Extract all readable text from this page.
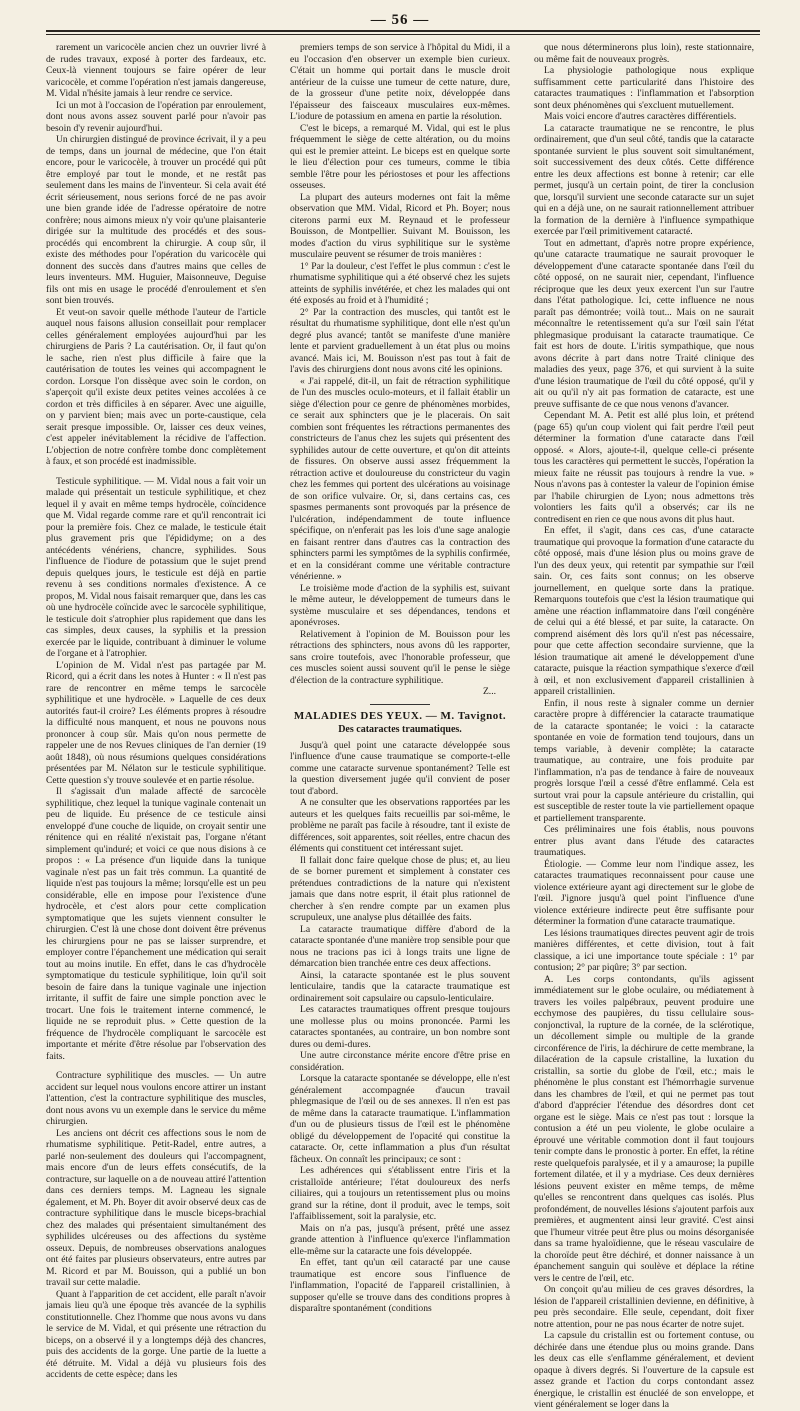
— 56 —

rarement un varicocèle ancien chez un ouvrier livré à de rudes travaux, exposé à porter des fardeaux, etc. Ceux-là viennent toujours se faire opérer de leur varicocèle, et comme l'opération n'est jamais dangereuse, M. Vidal n'hésite jamais à leur rendre ce service.

Ici un mot à l'occasion de l'opération par enroulement, dont nous avons assez souvent parlé pour n'avoir pas besoin d'y revenir aujourd'hui.

Un chirurgien distingué de province écrivait, il y a peu de temps, dans un journal de médecine, que l'on était encore, pour le varicocèle, à trouver un procédé qui pût être employé par tout le monde, et ne restât pas seulement dans les mains de l'inventeur. Si cela avait été écrit sérieusement, nous serions forcé de ne pas avoir une bien grande idée de l'adresse opératoire de notre confrère; nous aimons mieux n'y voir qu'une plaisanterie dirigée sur la multitude des procédés et des sous-procédés qui encombrent la chirurgie. A coup sûr, il existe des méthodes pour l'opération du varicocèle qui donnent des succès dans d'autres mains que celles de leurs inventeurs. MM. Huguier, Maisonneuve, Deguise fils ont mis en usage le procédé d'enroulement et s'en sont bien trouvés.

Et veut-on savoir quelle méthode l'auteur de l'article auquel nous faisons allusion conseillait pour remplacer celles généralement employées aujourd'hui par les chirurgiens de Paris ? La cautérisation. Or, il faut qu'on le sache, rien n'est plus difficile à faire que la cautérisation de toutes les veines qui accompagnent le cordon. Lorsque l'on dissèque avec soin le cordon, on s'aperçoit qu'il existe deux petites veines accolées à ce cordon et très difficiles à en séparer. Avec une aiguille, on y parvient bien; mais avec un porte-caustique, cela serait presque impossible. Or, laisser ces deux veines, c'est appeler inévitablement la récidive de l'affection. L'objection de notre confrère tombe donc complètement à faux, et son procédé est inadmissible.

Testicule syphilitique. — M. Vidal nous a fait voir un malade qui présentait un testicule syphilitique, et chez lequel il y avait en même temps hydrocèle, coïncidence que M. Vidal regarde comme rare et qu'il rencontrait ici pour la première fois. Chez ce malade, le testicule était plus gravement pris que l'épididyme; on a des antécédents vénériens, chancre, syphilides. Sous l'influence de l'iodure de potassium que le sujet prend depuis quelques jours, le testicule est déjà en partie revenu à ses conditions normales d'existence. A ce propos, M. Vidal nous faisait remarquer que, dans les cas où une hydrocèle coïncide avec le sarcocèle syphilitique, le testicule doit s'atrophier plus rapidement que dans les cas simples, deux causes, la syphilis et la pression exercée par le liquide, contribuant à diminuer le volume de l'organe et à l'atrophier.

L'opinion de M. Vidal n'est pas partagée par M. Ricord, qui a écrit dans les notes à Hunter : « Il n'est pas rare de rencontrer en même temps le sarcocèle syphilitique et une hydrocèle. » Laquelle de ces deux autorités faut-il croire? Les éléments propres à résoudre la difficulté nous manquent, et nous ne pouvons nous prononcer à coup sûr. Mais qu'on nous permette de rappeler une de nos Revues cliniques de l'an dernier (19 août 1848), où nous résumions quelques considérations présentées par M. Nélaton sur le testicule syphilitique. Cette question s'y trouve soulevée et en partie résolue.

Il s'agissait d'un malade affecté de sarcocèle syphilitique, chez lequel la tunique vaginale contenait un peu de liquide. Eu présence de ce testicule ainsi enveloppé d'une couche de liquide, on croyait sentir une rénitence qui en réalité n'existait pas, l'organe n'étant simplement qu'induré; et voici ce que nous disions à ce propos : « La présence d'un liquide dans la tunique vaginale n'est pas un fait très commun. La quantité de liquide n'est pas toujours la même; lorsqu'elle est un peu considérable, elle en impose pour l'existence d'une hydrocèle, et c'est alors pour cette complication symptomatique que les sujets viennent consulter le chirurgien. C'est là une chose dont doivent être prévenus les chirurgiens pour ne pas se laisser surprendre, et employer contre l'épanchement une médication qui serait tout au moins inutile. En effet, dans le cas d'hydrocèle symptomatique du testicule syphilitique, loin qu'il soit besoin de faire dans la tunique vaginale une injection irritante, il suffit de faire une simple ponction avec le trocart. Une fois le traitement interne commencé, le liquide ne se reproduit plus. » Cette question de la fréquence de l'hydrocèle compliquant le sarcocèle est importante et mérite d'être résolue par l'observation des faits.

Contracture syphilitique des muscles. — Un autre accident sur lequel nous voulons encore attirer un instant l'attention, c'est la contracture syphilitique des muscles, dont nous avons vu un exemple dans le service du même chirurgien.

Les anciens ont décrit ces affections sous le nom de rhumatisme syphilitique. Petit-Radel, entre autres, a parlé non-seulement des douleurs qui l'accompagnent, mais encore d'un de leurs effets consécutifs, de la contracture, sur laquelle on a de nouveau attiré l'attention dans ces derniers temps. M. Lagneau les signale également, et M. Ph. Boyer dit avoir observé deux cas de contracture syphilitique dans le muscle biceps-brachial chez des malades qui présentaient simultanément des syphilides ulcéreuses ou des affections du système osseux. Depuis, de nombreuses observations analogues ont été faites par plusieurs observateurs, entre autres par M. Ricord et par M. Bouisson, qui a publié un bon travail sur cette maladie.

Quant à l'apparition de cet accident, elle paraît n'avoir jamais lieu qu'à une époque très avancée de la syphilis constitutionnelle. Chez l'homme que nous avons vu dans le service de M. Vidal, et qui présente une rétraction du biceps, on a observé il y a longtemps déjà des chancres, puis des accidents de la gorge. Une partie de la luette a été détruite. M. Vidal a déjà vu plusieurs fois des accidents de cette espèce; dans les

premiers temps de son service à l'hôpital du Midi, il a eu l'occasion d'en observer un exemple bien curieux. C'était un homme qui portait dans le muscle droit antérieur de la cuisse une tumeur de cette nature, dure, de la grosseur d'une petite noix, développée dans l'épaisseur des faisceaux musculaires eux-mêmes. L'iodure de potassium en amena en partie la résolution.

C'est le biceps, a remarqué M. Vidal, qui est le plus fréquemment le siège de cette altération, ou du moins qui est le premier atteint. Le biceps est en quelque sorte le lieu d'élection pour ces tumeurs, comme le tibia semble l'être pour les périostoses et pour les affections osseuses.

La plupart des auteurs modernes ont fait la même observation que MM. Vidal, Ricord et Ph. Boyer; nous citerons parmi eux M. Reynaud et le professeur Bouisson, de Montpellier. Suivant M. Bouisson, les modes d'action du virus syphilitique sur le système musculaire peuvent se résumer de trois manières :

1° Par la douleur, c'est l'effet le plus commun : c'est le rhumatisme syphilitique qui a été observé chez les sujets atteints de syphilis invétérée, et chez les malades qui ont été exposés au froid et à l'humidité ;

2° Par la contraction des muscles, qui tantôt est le résultat du rhumatisme syphilitique, dont elle n'est qu'un degré plus avancé; tantôt se manifeste d'une manière lente et parvient graduellement à un état plus ou moins avancé. Mais ici, M. Bouisson n'est pas tout à fait de l'avis des chirurgiens dont nous avons cité les opinions.

« J'ai rappelé, dit-il, un fait de rétraction syphilitique de l'un des muscles oculo-moteurs, et il fallait établir un siège d'élection pour ce genre de phénomènes morbides, ce serait aux sphincters que je le placerais. On sait combien sont fréquentes les rétractions permanentes des constricteurs de l'anus chez les sujets qui présentent des syphilides autour de cette ouverture, et qu'on dit atteints de fissures. On observe aussi assez fréquemment la rétraction active et douloureuse du constricteur du vagin chez les femmes qui portent des ulcérations au voisinage de son orifice vulvaire. Or, si, dans certains cas, ces spasmes permanents sont provoqués par la présence de l'ulcération, indépendamment de toute influence spécifique, on n'enferait pas les lois d'une sage analogie en faisant rentrer dans d'autres cas la contraction des sphincters parmi les symptômes de la syphilis confirmée, et en la considérant comme une véritable contracture vénérienne. »

Le troisième mode d'action de la syphilis est, suivant le même auteur, le développement de tumeurs dans le système musculaire et ses dépendances, tendons et aponévroses.

Relativement à l'opinion de M. Bouisson pour les rétractions des sphincters, nous avons dû les rapporter, sans croire toutefois, avec l'honorable professeur, que ces muscles soient aussi souvent qu'il le pense le siège d'élection de la contracture syphilitique.

Z...

MALADIES DES YEUX. — M. Tavignot.
Des cataractes traumatiques.

Jusqu'à quel point une cataracte développée sous l'influence d'une cause traumatique se comporte-t-elle comme une cataracte survenue spontanément? Telle est la question diversement jugée qu'il convient de poser tout d'abord.

A ne consulter que les observations rapportées par les auteurs et les quelques faits recueillis par soi-même, le problème ne paraît pas facile à résoudre, tant il existe de différences, soit apparentes, soit réelles, entre chacun des éléments qui constituent cet intéressant sujet.

Il fallait donc faire quelque chose de plus; et, au lieu de se borner purement et simplement à constater ces prétendues contradictions de la nature qui n'existent jamais que dans notre esprit, il était plus rationnel de chercher à s'en rendre compte par un examen plus scrupuleux, une analyse plus détaillée des faits.

La cataracte traumatique diffère d'abord de la cataracte spontanée d'une manière trop sensible pour que nous ne tracions pas ici à longs traits une ligne de démarcation bien tranchée entre ces deux affections.

Ainsi, la cataracte spontanée est le plus souvent lenticulaire, tandis que la cataracte traumatique est ordinairement soit capsulaire ou capsulo-lenticulaire.

Les cataractes traumatiques offrent presque toujours une mollesse plus ou moins prononcée. Parmi les cataractes spontanées, au contraire, un bon nombre sont dures ou demi-dures.

Une autre circonstance mérite encore d'être prise en considération.

Lorsque la cataracte spontanée se développe, elle n'est généralement accompagnée d'aucun travail phlegmasique de l'œil ou de ses annexes. Il n'en est pas de même dans la cataracte traumatique. L'inflammation d'un ou de plusieurs tissus de l'œil est le phénomène obligé du développement de l'opacité qui constitue la cataracte. Or, cette inflammation a plus d'un résultat fâcheux. On connaît les principaux; ce sont :

Les adhérences qui s'établissent entre l'iris et la cristalloïde antérieure; l'état douloureux des nerfs ciliaires, qui a toujours un retentissement plus ou moins grand sur la rétine, dont il produit, avec le temps, soit l'affaiblissement, soit la paralysie, etc.

Mais on n'a pas, jusqu'à présent, prêté une assez grande attention à l'influence qu'exerce l'inflammation elle-même sur la cataracte une fois développée.

En effet, tant qu'un œil cataracté par une cause traumatique est encore sous l'influence de l'inflammation, l'opacité de l'appareil cristallinien, à supposer qu'elle se trouve dans des conditions propres à disparaître spontanément (conditions

que nous déterminerons plus loin), reste stationnaire, ou même fait de nouveaux progrès.

La physiologie pathologique nous explique suffisamment cette particularité dans l'histoire des cataractes traumatiques : l'inflammation et l'absorption sont deux phénomènes qui s'excluent mutuellement.

Mais voici encore d'autres caractères différentiels.

La cataracte traumatique ne se rencontre, le plus ordinairement, que d'un seul côté, tandis que la cataracte spontanée survient le plus souvent soit simultanément, soit successivement des deux côtés. Cette différence entre les deux affections est bonne à retenir; car elle permet, jusqu'à un certain point, de tirer la conclusion que, lorsqu'il survient une seconde cataracte sur un sujet qui en a déjà une, on ne saurait rationnellement attribuer la formation de la dernière à l'influence sympathique exercée par l'œil primitivement cataracté.

Tout en admettant, d'après notre propre expérience, qu'une cataracte traumatique ne saurait provoquer le développement d'une cataracte spontanée dans l'œil du côté opposé, on ne saurait nier, cependant, l'influence réciproque que les deux yeux exercent l'un sur l'autre dans l'état pathologique. Ici, cette influence ne nous paraît pas démontrée; voilà tout... Mais on ne saurait méconnaître le retentissement qu'a sur l'œil sain l'état phlegmasique produisant la cataracte traumatique. Ce fait est hors de doute. L'iritis sympathique, que nous avons décrite à part dans notre Traité clinique des maladies des yeux, page 376, et qui survient à la suite d'une lésion traumatique de l'œil du côté opposé, qu'il y ait ou qu'il n'y ait pas formation de cataracte, est une preuve suffisante de ce que nous venons d'avancer.

Cependant M. A. Petit est allé plus loin, et prétend (page 65) qu'un coup violent qui fait perdre l'œil peut déterminer la formation d'une cataracte dans l'œil opposé. « Alors, ajoute-t-il, quelque celle-ci présente tous les caractères qui permettent le succès, l'opération la mieux faite ne réussit pas toujours à rendre la vue. » Nous n'avons pas à contester la valeur de l'opinion émise par l'habile chirurgien de Lyon; nous admettons très volontiers les faits qu'il a observés; car ils ne contredisent en rien ce que nous avons dit plus haut.

En effet, il s'agit, dans ces cas, d'une cataracte traumatique qui provoque la formation d'une cataracte du côté opposé, mais d'une lésion plus ou moins grave de l'un des deux yeux, qui retentit par sympathie sur l'œil sain. Or, ces faits sont connus; on les observe journellement, en quelque sorte dans la pratique. Remarquons toutefois que c'est la lésion traumatique qui amène une réaction inflammatoire dans l'œil congénère de celui qui a été blessé, et par suite, la cataracte. On comprend aisément dès lors qu'il n'est pas nécessaire, pour que cette affection secondaire survienne, que la lésion traumatique ait amené le développement d'une cataracte, puisque la réaction sympathique s'exerce d'œil à œil, et non exclusivement d'appareil cristallinien à appareil cristallinien.

Enfin, il nous reste à signaler comme un dernier caractère propre à différencier la cataracte traumatique de la cataracte spontanée; le voici : la cataracte spontanée en voie de formation tend toujours, dans un temps variable, à devenir complète; la cataracte traumatique, au contraire, une fois produite par l'inflammation, n'a pas de tendance à faire de nouveaux progrès lorsque l'œil a cessé d'être enflammé. Cela est surtout vrai pour la capsule antérieure du cristallin, qui est susceptible de rester toute la vie partiellement opaque et partiellement transparente.

Ces préliminaires une fois établis, nous pouvons entrer plus avant dans l'étude des cataractes traumatiques.

Étiologie. — Comme leur nom l'indique assez, les cataractes traumatiques reconnaissent pour cause une violence extérieure ayant agi directement sur le globe de l'œil. J'ignore jusqu'à quel point l'influence d'une violence extérieure indirecte peut être suffisante pour déterminer la formation d'une cataracte traumatique.

Les lésions traumatiques directes peuvent agir de trois manières différentes, et cette division, tout à fait classique, a ici une importance toute spéciale : 1° par contusion; 2° par piqûre; 3° par section.

A. Les corps contondants, qu'ils agissent immédiatement sur le globe oculaire, ou médiatement à travers les voiles palpébraux, peuvent produire une ecchymose des paupières, du tissu cellulaire sous-conjonctival, la rupture de la cornée, de la sclérotique, un décollement simple ou multiple de la grande circonférence de l'iris, la déchirure de cette membrane, la dilacération de la capsule cristalline, la luxation du cristallin, sa sortie du globe de l'œil, etc.; mais le phénomène le plus constant est l'hémorrhagie survenue dans les chambres de l'œil, et qui ne permet pas tout d'abord d'apprécier l'étendue des désordres dont cet organe est le siège. Mais ce n'est pas tout : lorsque la contusion a été un peu violente, le globe oculaire a éprouvé une véritable commotion dont il faut toujours tenir compte dans le pronostic à porter. En effet, la rétine reste quelquefois paralysée, et il y a amaurose; la pupille fortement dilatée, et il y a mydriase. Ces deux dernières lésions peuvent exister en même temps, de même qu'elles se rencontrent dans quelques cas isolés. Plus profondément, de nouvelles lésions s'ajoutent parfois aux premières, et augmentent ainsi leur gravité. C'est ainsi que l'humeur vitrée peut être plus ou moins désorganisée dans sa trame hyaloïdienne, que le réseau vasculaire de la choroïde peut être déchiré, et donner naissance à un épanchement sanguin qui soulève et déplace la rétine vers le centre de l'œil, etc.

On conçoit qu'au milieu de ces graves désordres, la lésion de l'appareil cristallinien devienne, en définitive, à peu près secondaire. Elle seule, cependant, doit fixer notre attention, pour ne pas nous écarter de notre sujet.

La capsule du cristallin est ou fortement contuse, ou déchirée dans une étendue plus ou moins grande. Dans les deux cas elle s'enflamme généralement, et devient opaque à divers degrés. Si l'ouverture de la capsule est assez grande et l'action du corps contondant assez énergique, le cristallin est énucléé de son enveloppe, et vient généralement se loger dans la
